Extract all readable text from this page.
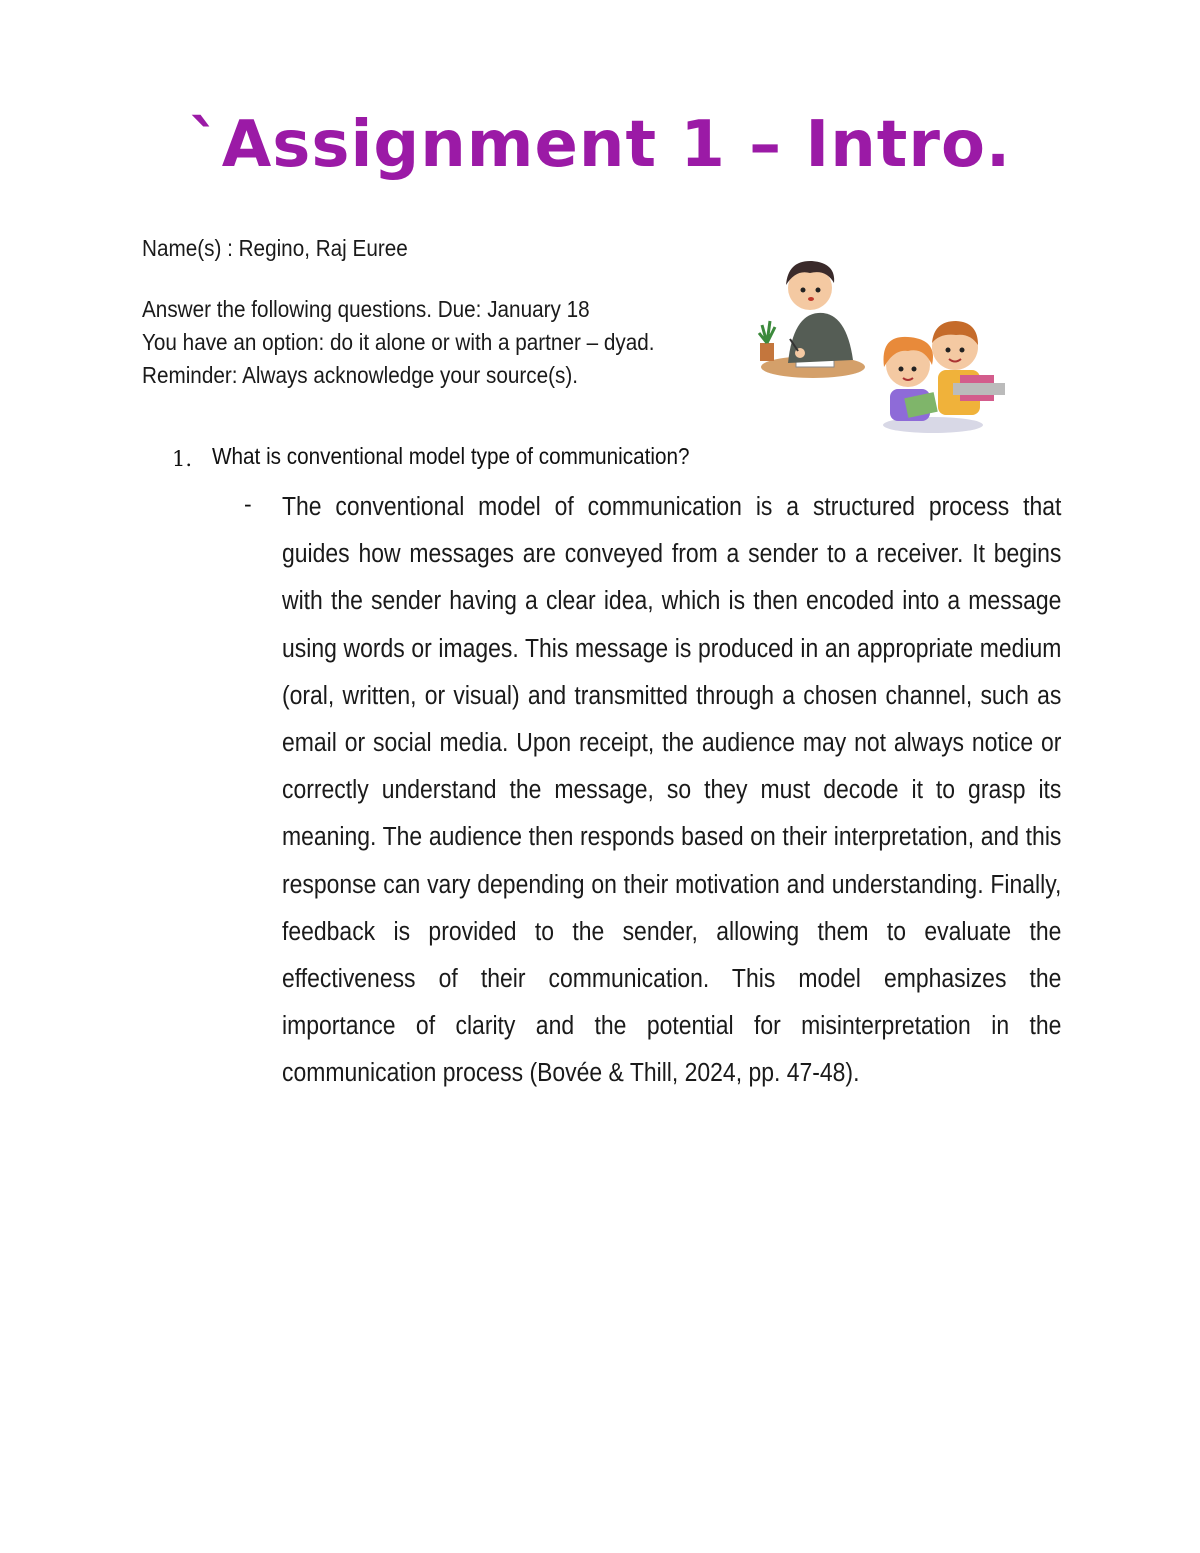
`Assignment 1 – Intro.
Name(s) : Regino, Raj Euree
Answer the following questions. Due: January 18
You have an option: do it alone or with a partner – dyad.
Reminder: Always acknowledge your source(s).
1. What is conventional model type of communication?
- The conventional model of communication is a structured process that guides how messages are conveyed from a sender to a receiver. It begins with the sender having a clear idea, which is then encoded into a message using words or images. This message is produced in an appropriate medium (oral, written, or visual) and transmitted through a chosen channel, such as email or social media. Upon receipt, the audience may not always notice or correctly understand the message, so they must decode it to grasp its meaning. The audience then responds based on their interpretation, and this response can vary depending on their motivation and understanding. Finally, feedback is provided to the sender, allowing them to evaluate the effectiveness of their communication. This model emphasizes the importance of clarity and the potential for misinterpretation in the communication process (Bovée & Thill, 2024, pp. 47-48).
